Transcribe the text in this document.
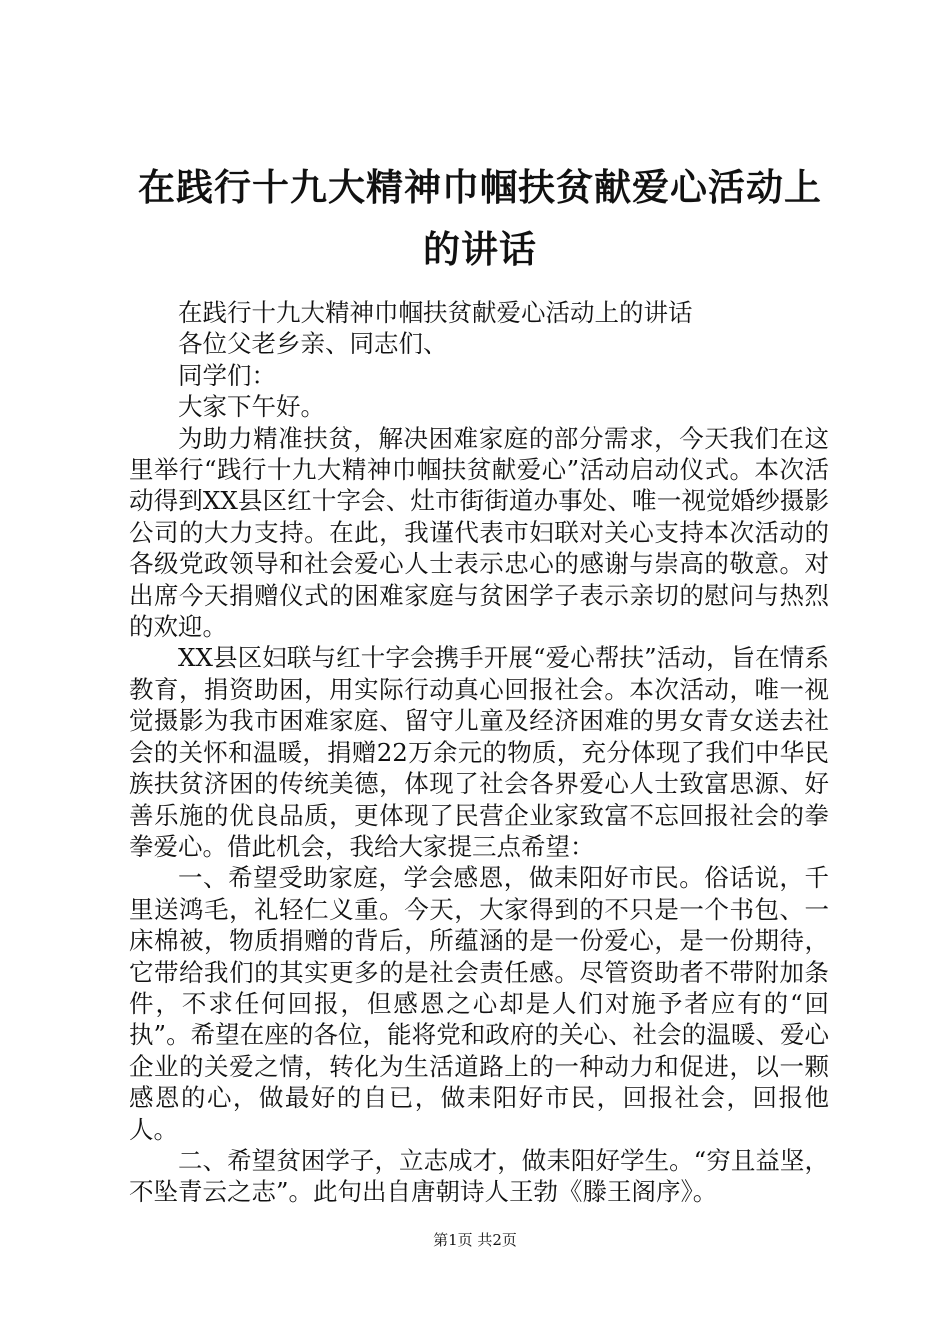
在践行十九大精神巾帼扶贫献爱心活动上的讲话

在践行十九大精神巾帼扶贫献爱心活动上的讲话

各位父老乡亲、同志们、

同学们：

大家下午好。

为助力精准扶贫，解决困难家庭的部分需求，今天我们在这里举行“践行十九大精神巾帼扶贫献爱心”活动启动仪式。本次活动得到XX县区红十字会、灶市街街道办事处、唯一视觉婚纱摄影公司的大力支持。在此，我谨代表市妇联对关心支持本次活动的各级党政领导和社会爱心人士表示忠心的感谢与崇高的敬意。对出席今天捐赠仪式的困难家庭与贫困学子表示亲切的慰问与热烈的欢迎。

XX县区妇联与红十字会携手开展“爱心帮扶”活动，旨在情系教育，捐资助困，用实际行动真心回报社会。本次活动，唯一视觉摄影为我市困难家庭、留守儿童及经济困难的男女青女送去社会的关怀和温暖，捐赠22万余元的物质，充分体现了我们中华民族扶贫济困的传统美德，体现了社会各界爱心人士致富思源、好善乐施的优良品质，更体现了民营企业家致富不忘回报社会的拳拳爱心。借此机会，我给大家提三点希望：

一、希望受助家庭，学会感恩，做耒阳好市民。俗话说，千里送鸿毛，礼轻仁义重。今天，大家得到的不只是一个书包、一床棉被，物质捐赠的背后，所蕴涵的是一份爱心，是一份期待，它带给我们的其实更多的是社会责任感。尽管资助者不带附加条件，不求任何回报，但感恩之心却是人们对施予者应有的“回执”。希望在座的各位，能将党和政府的关心、社会的温暖、爱心企业的关爱之情，转化为生活道路上的一种动力和促进，以一颗感恩的心，做最好的自已，做耒阳好市民，回报社会，回报他人。

二、希望贫困学子，立志成才，做耒阳好学生。“穷且益坚，不坠青云之志”。此句出自唐朝诗人王勃《滕王阁序》。

第1页 共2页
